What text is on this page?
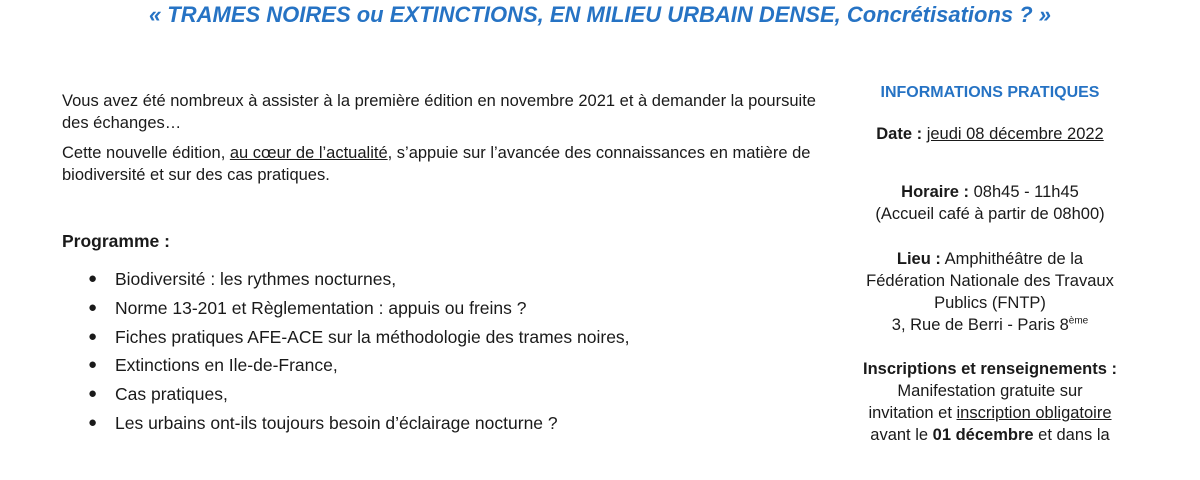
« TRAMES NOIRES ou EXTINCTIONS, EN MILIEU URBAIN DENSE, Concrétisations ? »

Vous avez été nombreux à assister à la première édition en novembre 2021 et à demander la poursuite des échanges…

Cette nouvelle édition, au cœur de l’actualité, s’appuie sur l’avancée des connaissances en matière de biodiversité et sur des cas pratiques.

Programme :
● Biodiversité : les rythmes nocturnes,
● Norme 13-201 et Règlementation : appuis ou freins ?
● Fiches pratiques AFE-ACE sur la méthodologie des trames noires,
● Extinctions en Ile-de-France,
● Cas pratiques,
● Les urbains ont-ils toujours besoin d’éclairage nocturne ?
INFORMATIONS PRATIQUES
Date : jeudi 08 décembre 2022
Horaire : 08h45 - 11h45
(Accueil café à partir de 08h00)
Lieu : Amphithéâtre de la
Fédération Nationale des Travaux
Publics (FNTP)
3, Rue de Berri - Paris 8ème
Inscriptions et renseignements :
Manifestation gratuite sur
invitation et inscription obligatoire
avant le 01 décembre et dans la
